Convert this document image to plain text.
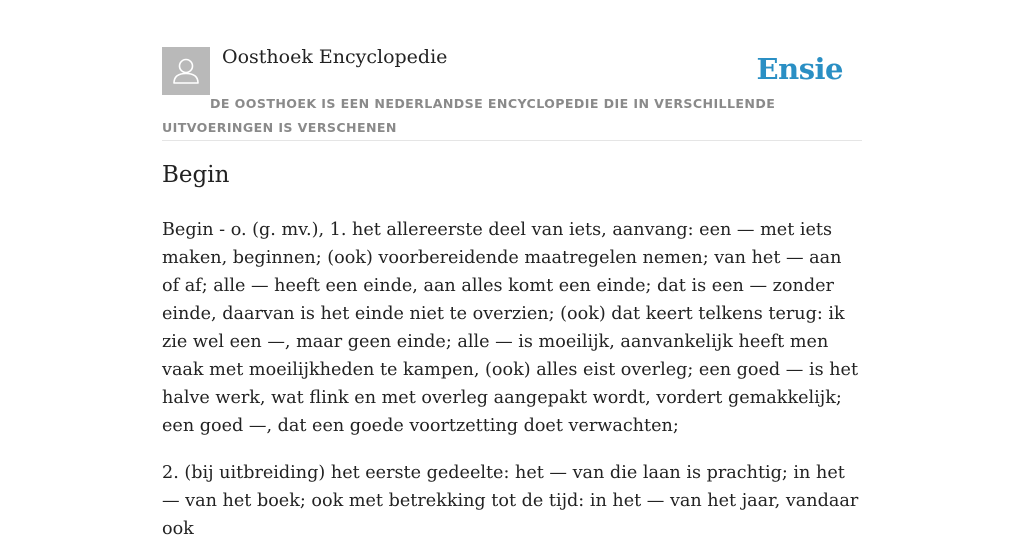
Oosthoek Encyclopedie	Ensie
DE OOSTHOEK IS EEN NEDERLANDSE ENCYCLOPEDIE DIE IN VERSCHILLENDE UITVOERINGEN IS VERSCHENEN
Begin

Begin - o. (g. mv.), 1. het allereerste deel van iets, aanvang: een — met iets maken, beginnen; (ook) voorbereidende maatregelen nemen; van het — aan of af; alle — heeft een einde, aan alles komt een einde; dat is een — zonder einde, daarvan is het einde niet te overzien; (ook) dat keert telkens terug: ik zie wel een —, maar geen einde; alle — is moeilijk, aanvankelijk heeft men vaak met moeilijkheden te kampen, (ook) alles eist overleg; een goed — is het halve werk, wat flink en met overleg aangepakt wordt, vordert gemakkelijk; een goed —, dat een goede voortzetting doet verwachten;

2. (bij uitbreiding) het eerste gedeelte: het — van die laan is prachtig; in het — van het boek; ook met betrekking tot de tijd: in het — van het jaar, vandaar ook
